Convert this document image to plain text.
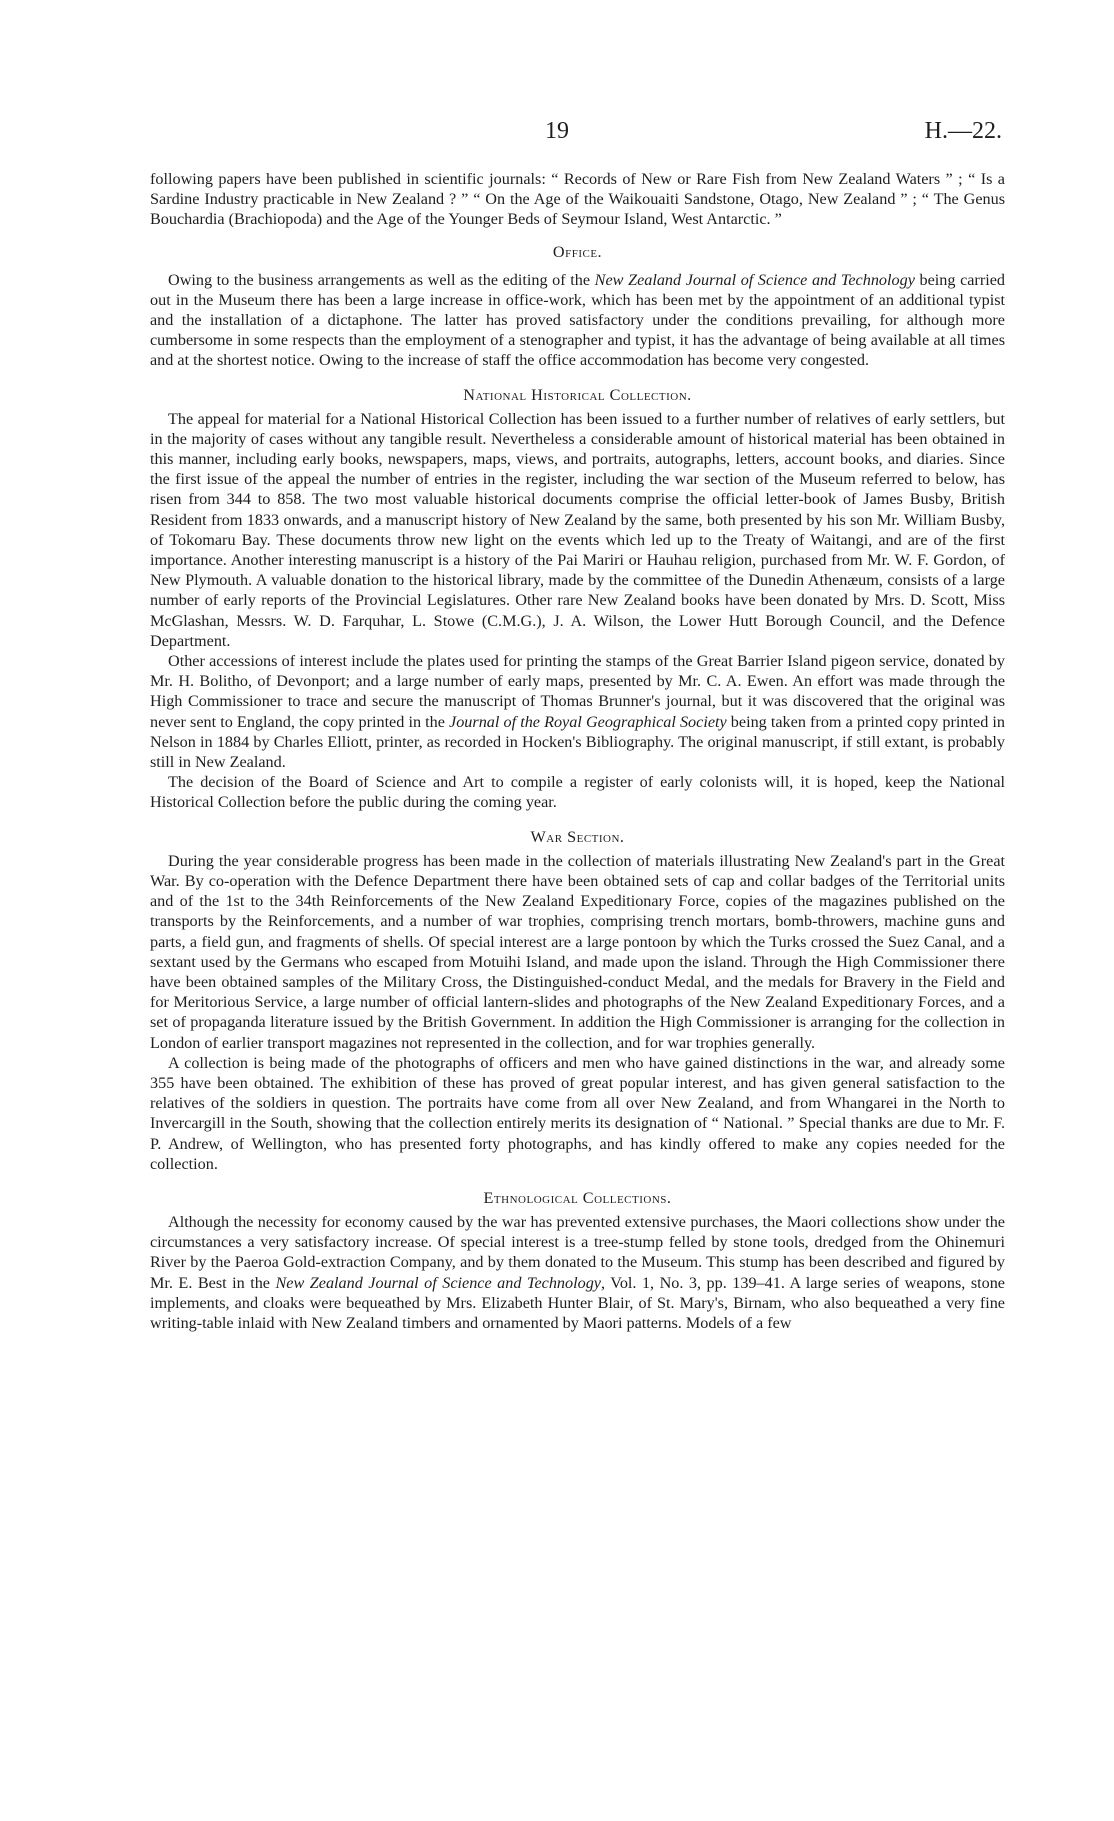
19	H.—22.

following papers have been published in scientific journals: “ Records of New or Rare Fish from New Zealand Waters ” ; “ Is a Sardine Industry practicable in New Zealand ? ” “ On the Age of the Waikouaiti Sandstone, Otago, New Zealand ” ; “ The Genus Bouchardia (Brachiopoda) and the Age of the Younger Beds of Seymour Island, West Antarctic. ”

Office.

Owing to the business arrangements as well as the editing of the New Zealand Journal of Science and Technology being carried out in the Museum there has been a large increase in office-work, which has been met by the appointment of an additional typist and the installation of a dictaphone. The latter has proved satisfactory under the conditions prevailing, for although more cumbersome in some respects than the employment of a stenographer and typist, it has the advantage of being available at all times and at the shortest notice. Owing to the increase of staff the office accommodation has become very congested.

National Historical Collection.

The appeal for material for a National Historical Collection has been issued to a further number of relatives of early settlers, but in the majority of cases without any tangible result. Nevertheless a considerable amount of historical material has been obtained in this manner, including early books, newspapers, maps, views, and portraits, autographs, letters, account books, and diaries. Since the first issue of the appeal the number of entries in the register, including the war section of the Museum referred to below, has risen from 344 to 858. The two most valuable historical documents comprise the official letter-book of James Busby, British Resident from 1833 onwards, and a manuscript history of New Zealand by the same, both presented by his son Mr. William Busby, of Tokomaru Bay. These documents throw new light on the events which led up to the Treaty of Waitangi, and are of the first importance. Another interesting manuscript is a history of the Pai Mariri or Hauhau religion, purchased from Mr. W. F. Gordon, of New Plymouth. A valuable donation to the historical library, made by the committee of the Dunedin Athenæum, consists of a large number of early reports of the Provincial Legislatures. Other rare New Zealand books have been donated by Mrs. D. Scott, Miss McGlashan, Messrs. W. D. Farquhar, L. Stowe (C.M.G.), J. A. Wilson, the Lower Hutt Borough Council, and the Defence Department.

Other accessions of interest include the plates used for printing the stamps of the Great Barrier Island pigeon service, donated by Mr. H. Bolitho, of Devonport; and a large number of early maps, presented by Mr. C. A. Ewen. An effort was made through the High Commissioner to trace and secure the manuscript of Thomas Brunner's journal, but it was discovered that the original was never sent to England, the copy printed in the Journal of the Royal Geographical Society being taken from a printed copy printed in Nelson in 1884 by Charles Elliott, printer, as recorded in Hocken's Bibliography. The original manuscript, if still extant, is probably still in New Zealand.

The decision of the Board of Science and Art to compile a register of early colonists will, it is hoped, keep the National Historical Collection before the public during the coming year.

War Section.

During the year considerable progress has been made in the collection of materials illustrating New Zealand's part in the Great War. By co-operation with the Defence Department there have been obtained sets of cap and collar badges of the Territorial units and of the 1st to the 34th Reinforcements of the New Zealand Expeditionary Force, copies of the magazines published on the transports by the Reinforcements, and a number of war trophies, comprising trench mortars, bomb-throwers, machine guns and parts, a field gun, and fragments of shells. Of special interest are a large pontoon by which the Turks crossed the Suez Canal, and a sextant used by the Germans who escaped from Motuihi Island, and made upon the island. Through the High Commissioner there have been obtained samples of the Military Cross, the Distinguished-conduct Medal, and the medals for Bravery in the Field and for Meritorious Service, a large number of official lantern-slides and photographs of the New Zealand Expeditionary Forces, and a set of propaganda literature issued by the British Government. In addition the High Commissioner is arranging for the collection in London of earlier transport magazines not represented in the collection, and for war trophies generally.

A collection is being made of the photographs of officers and men who have gained distinctions in the war, and already some 355 have been obtained. The exhibition of these has proved of great popular interest, and has given general satisfaction to the relatives of the soldiers in question. The portraits have come from all over New Zealand, and from Whangarei in the North to Invercargill in the South, showing that the collection entirely merits its designation of “ National. ” Special thanks are due to Mr. F. P. Andrew, of Wellington, who has presented forty photographs, and has kindly offered to make any copies needed for the collection.

Ethnological Collections.

Although the necessity for economy caused by the war has prevented extensive purchases, the Maori collections show under the circumstances a very satisfactory increase. Of special interest is a tree-stump felled by stone tools, dredged from the Ohinemuri River by the Paeroa Gold-extraction Company, and by them donated to the Museum. This stump has been described and figured by Mr. E. Best in the New Zealand Journal of Science and Technology, Vol. 1, No. 3, pp. 139–41. A large series of weapons, stone implements, and cloaks were bequeathed by Mrs. Elizabeth Hunter Blair, of St. Mary's, Birnam, who also bequeathed a very fine writing-table inlaid with New Zealand timbers and ornamented by Maori patterns. Models of a few
